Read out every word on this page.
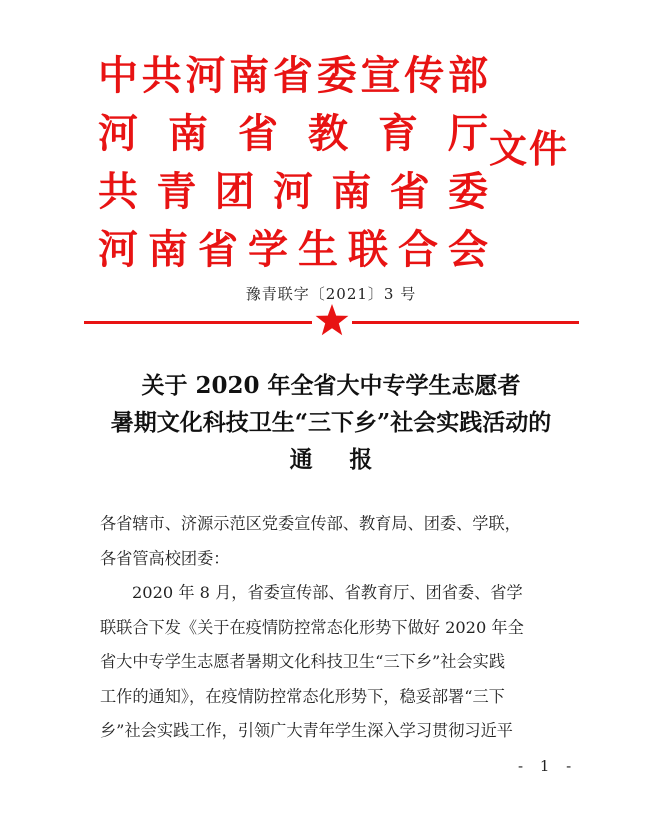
中 共 河 南 省 委 宣 传 部
河 南 省 教 育 厅
共 青 团 河 南 省 委
河 南 省 学 生 联 合 会
文件
豫青联字〔2021〕3 号
关于 2020 年全省大中专学生志愿者
暑期文化科技卫生“三下乡”社会实践活动的
通报

各省辖市、济源示范区党委宣传部、教育局、团委、学联，

各省管高校团委：

2020 年 8 月，省委宣传部、省教育厅、团省委、省学

联联合下发《关于在疫情防控常态化形势下做好 2020 年全

省大中专学生志愿者暑期文化科技卫生“三下乡”社会实践

工作的通知》，在疫情防控常态化形势下，稳妥部署“三下

乡”社会实践工作，引领广大青年学生深入学习贯彻习近平

- 1 -
